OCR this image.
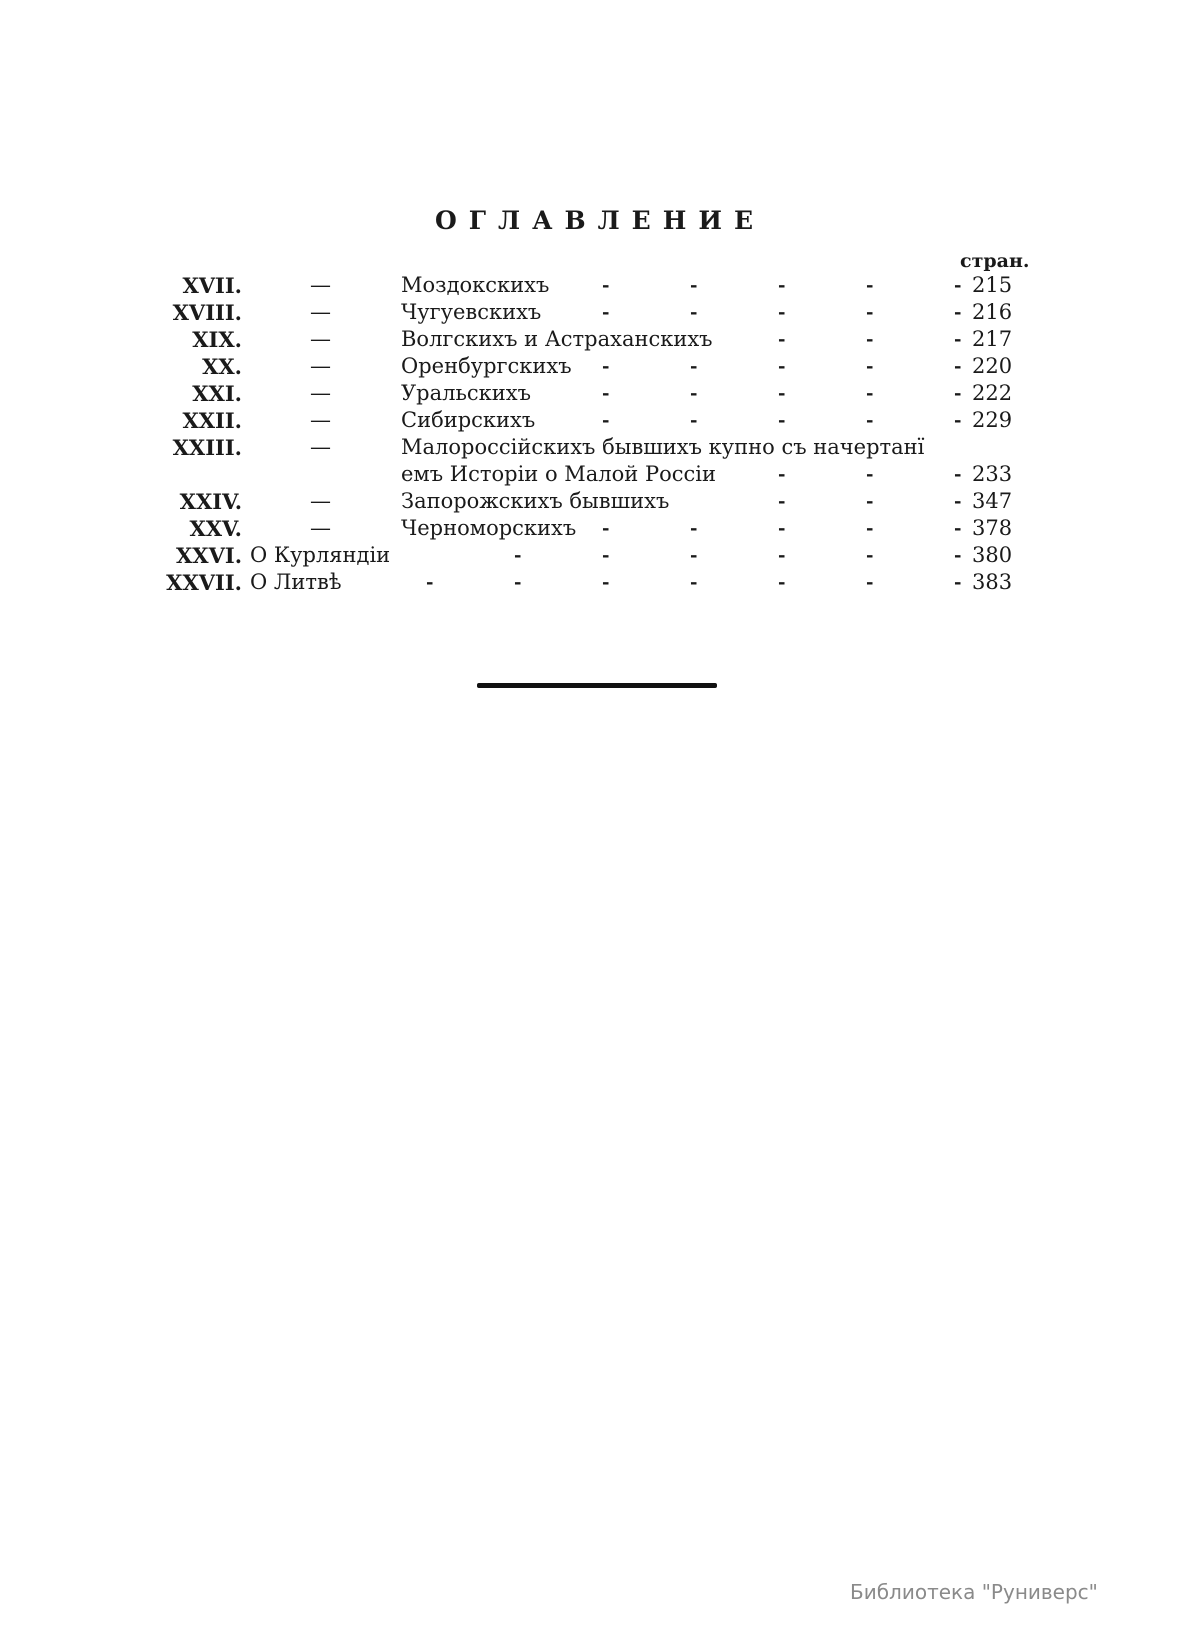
ОГЛАВЛЕНИЕ
стран.
XVII.	—	Моздокскихъ	-	-	-	-	- 215
XVIII.	—	Чугуевскихъ	-	-	-	-	- 216
XIX.	—	Волгскихъ и Астраханскихъ	-	-	- 217
XX.	—	Оренбургскихъ -	-	-	-	- 220
XXI.	—	Уральскихъ	-	-	-	-	- 222
XXII.	—	Сибирскихъ	-	-	-	-	- 229
XXIII.	—	Малороссійскихъ бывшихъ купно съ начертанї
емъ Исторіи о Малой Россіи	-	-	- 233
XXIV.	—	Запорожскихъ бывшихъ	-	-	- 347
XXV.	—	Черноморскихъ -	-	-	-	- 378
XXVI. О Курляндіи	-	-	-	-	-	- 380
XXVII. О Литвѣ	-	-	-	-	-	-	- 383
Библиотека "Руниверс"
